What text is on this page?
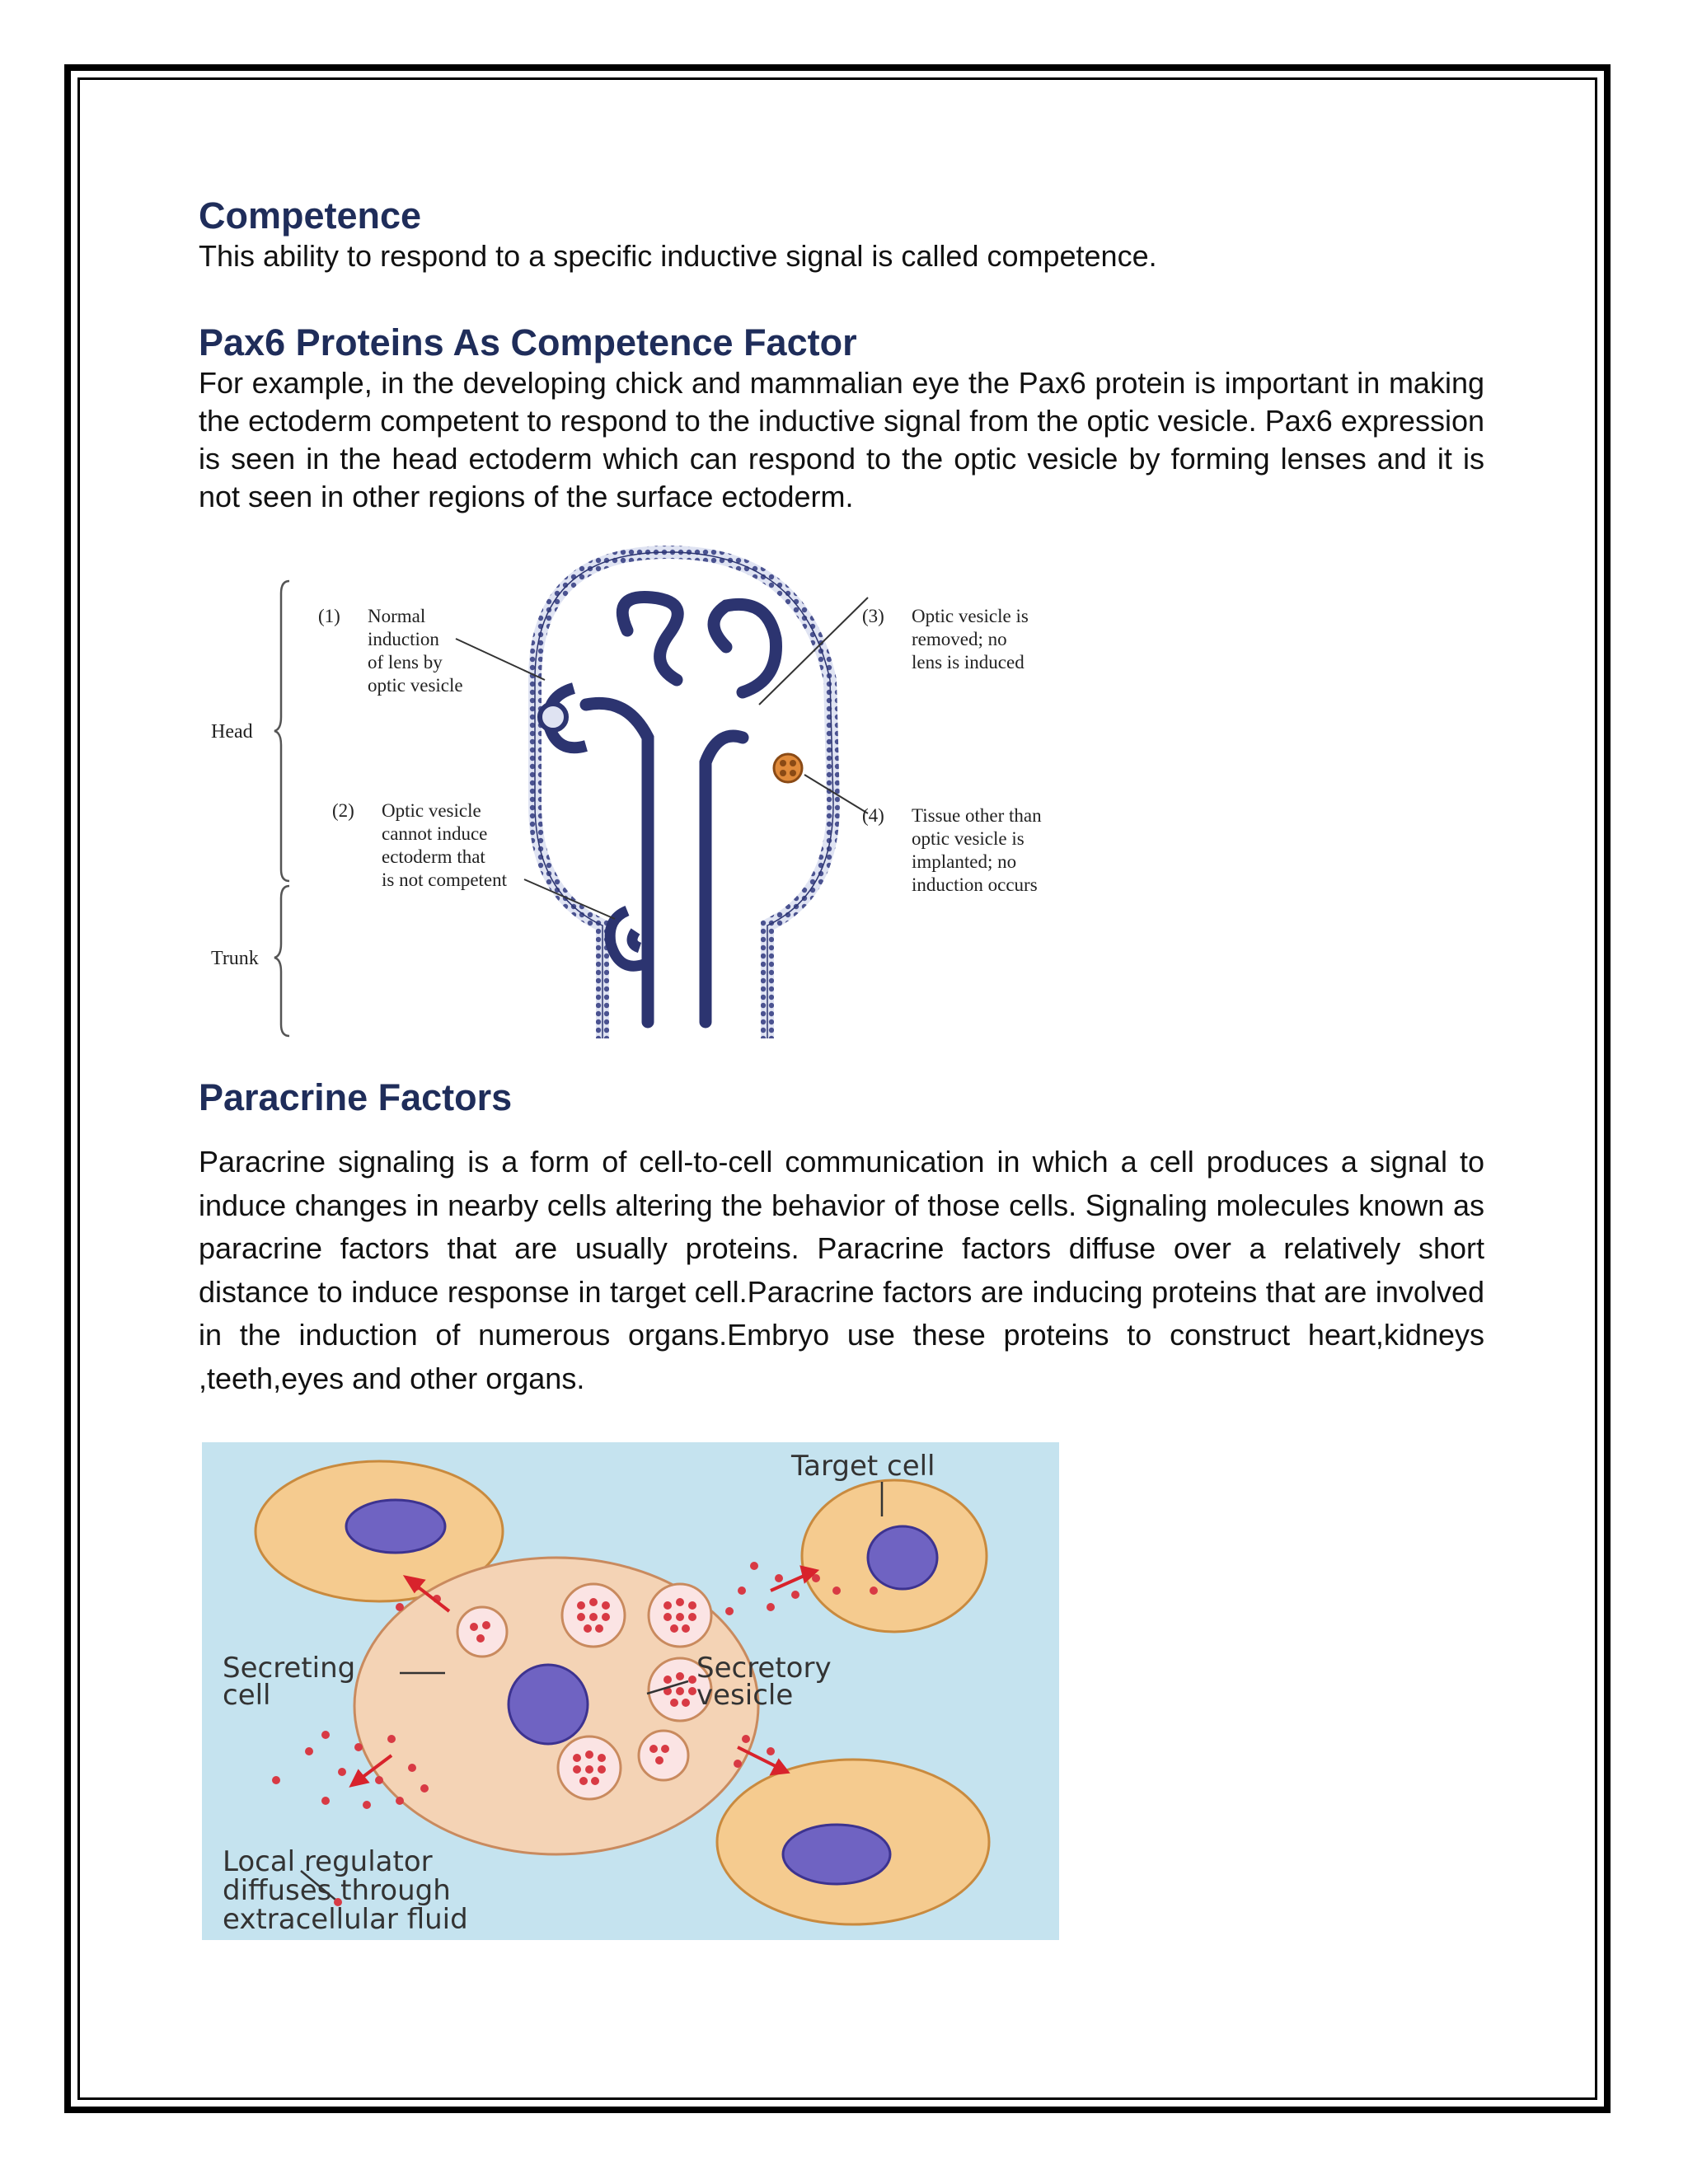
Competence

This ability to respond to a specific inductive signal is called competence.

Pax6 Proteins As Competence Factor

For example, in the developing chick and mammalian eye the Pax6 protein is important in making the ectoderm competent to respond to the inductive signal from the optic vesicle. Pax6 expression is seen in the head ectoderm which can respond to the optic vesicle by forming lenses and it is not seen in other regions of the surface ectoderm.

Head
Trunk
(1) Normal
induction
of lens by
optic vesicle
(2) Optic vesicle
cannot induce
ectoderm that
is not competent
(3) Optic vesicle is
removed; no
lens is induced
(4) Tissue other than
optic vesicle is
implanted; no
induction occurs
Paracrine Factors

Paracrine signaling is a form of cell-to-cell communication in which a cell produces a signal to induce changes in nearby cells altering the behavior of those cells. Signaling molecules known as paracrine factors that are usually proteins. Paracrine factors diffuse over a relatively short distance to induce response in target cell.Paracrine factors are inducing proteins that are involved in the induction of numerous organs.Embryo use these proteins to construct heart,kidneys ,teeth,eyes and other organs.

Target cell
Secreting
cell
Secretory
vesicle
Local regulator
diffuses through
extracellular fluid
